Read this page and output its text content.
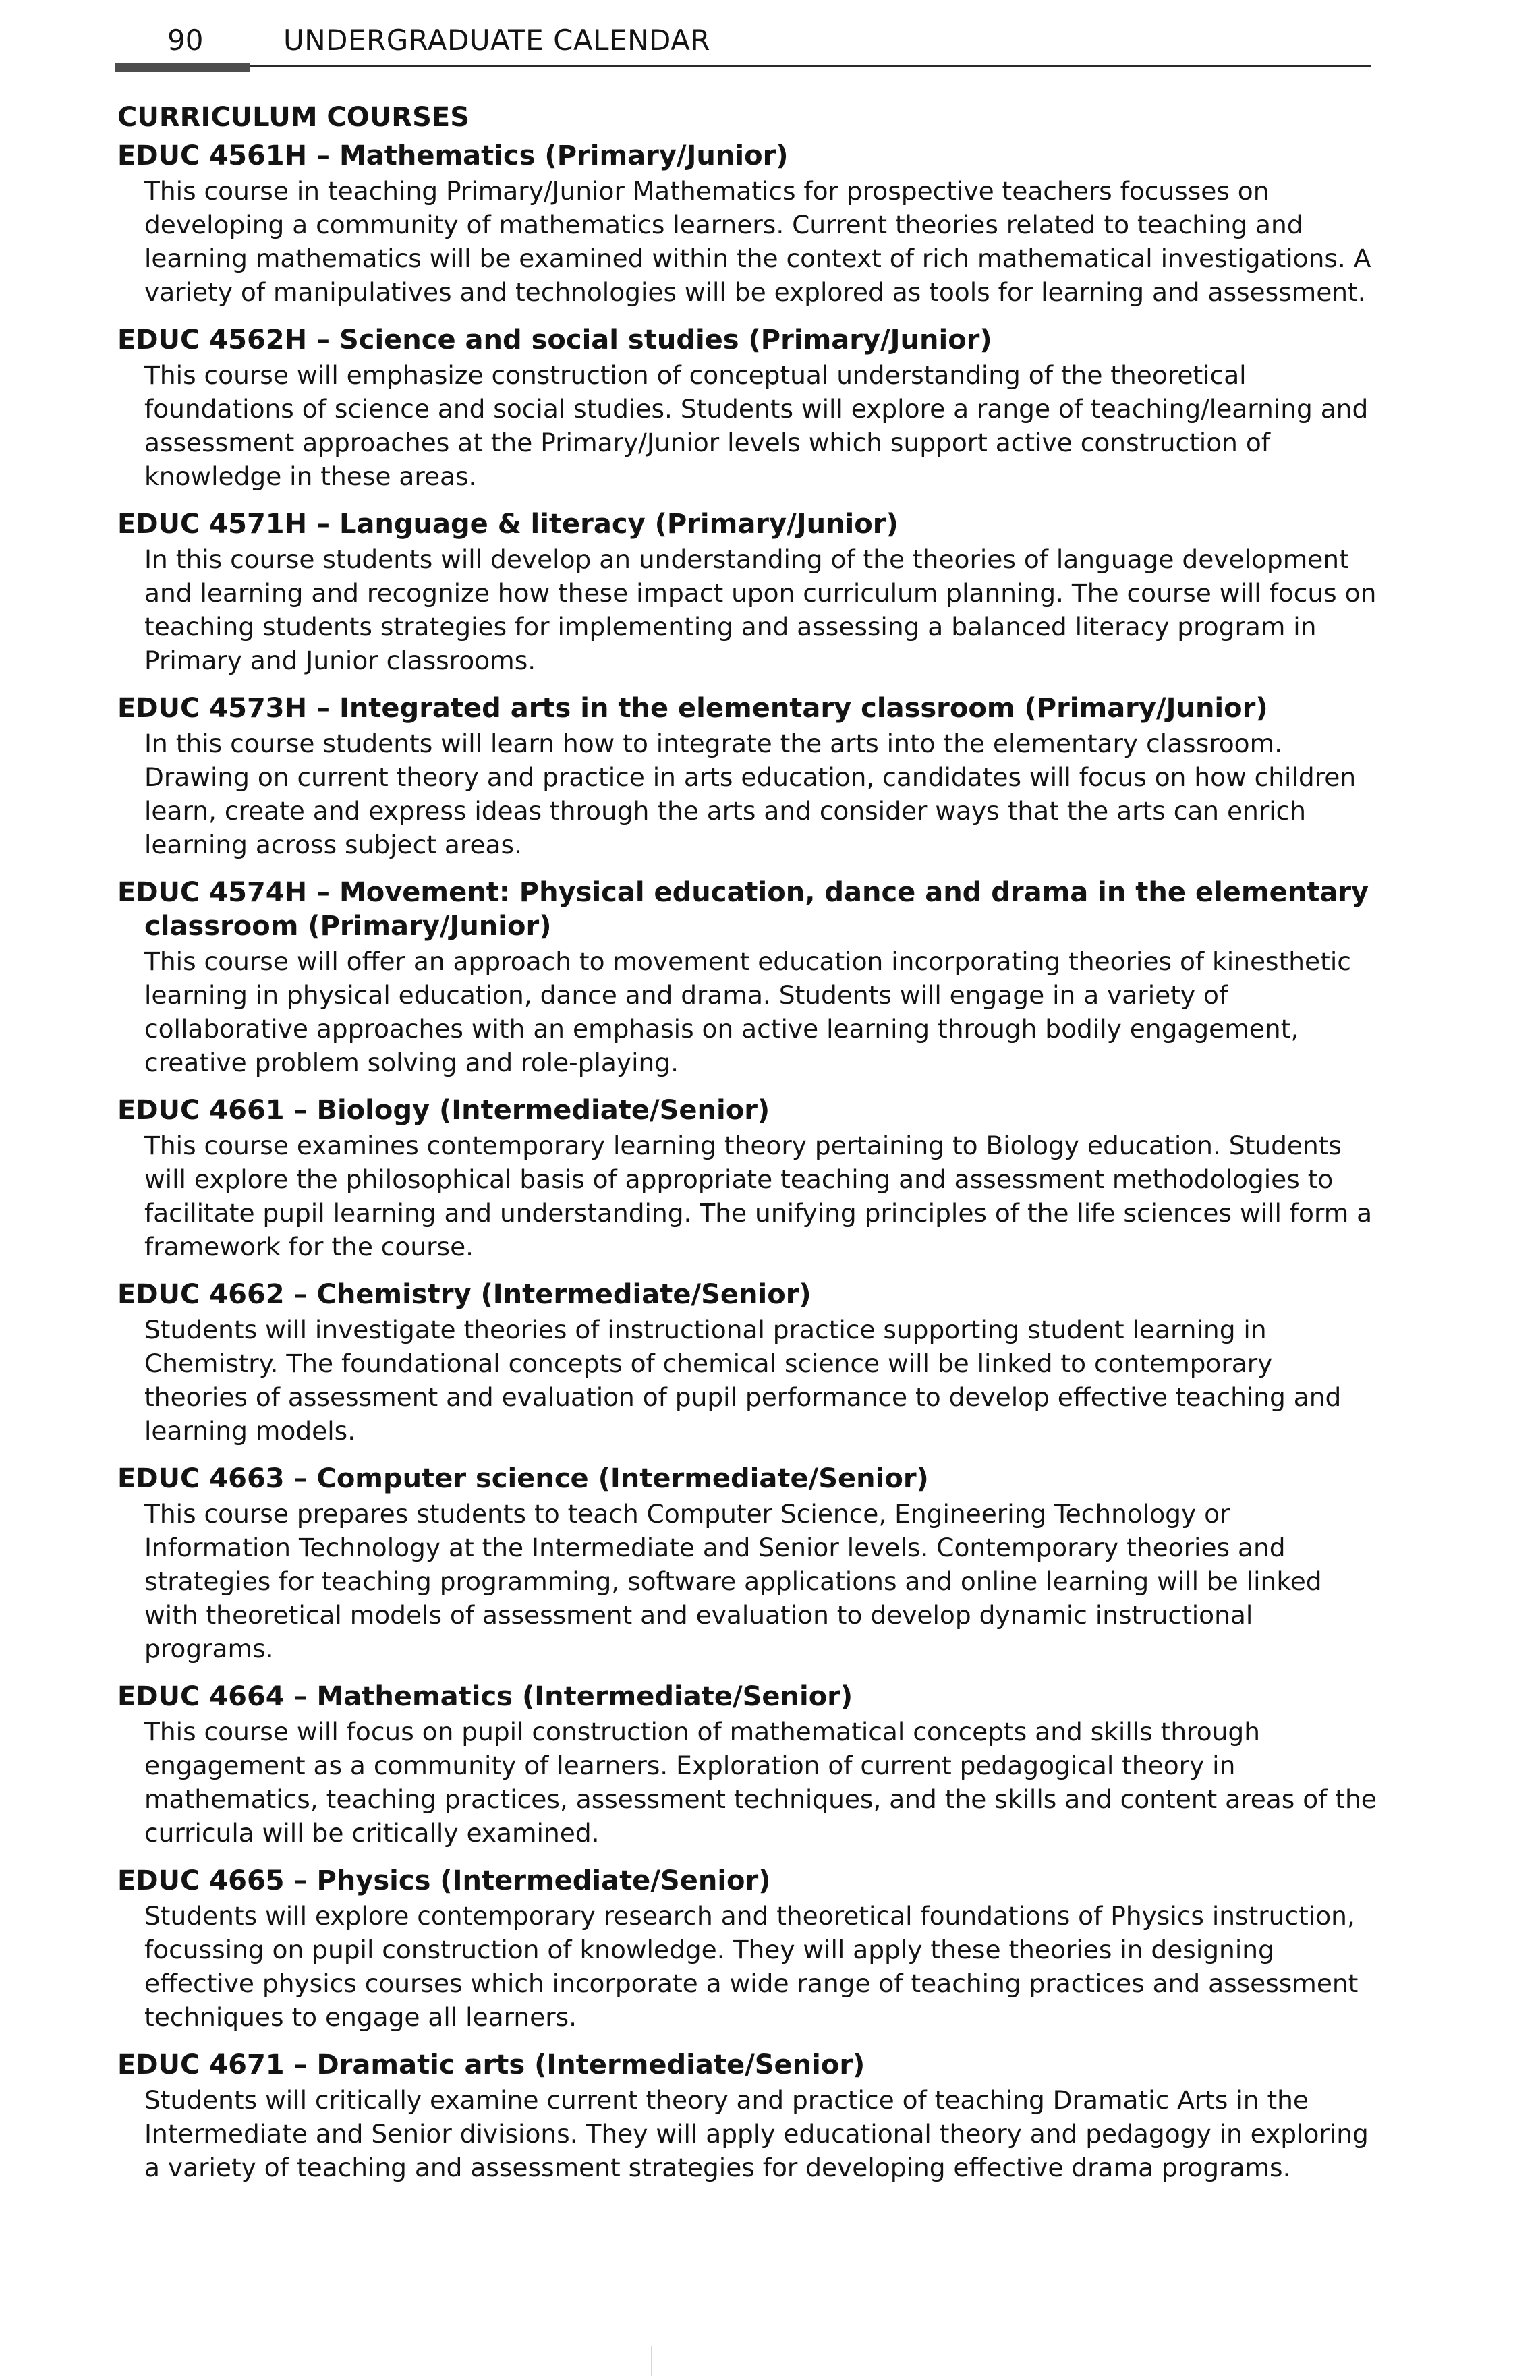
90	UNDERGRADUATE CALENDAR
CURRICULUM COURSES
EDUC 4561H – Mathematics (Primary/Junior)
This course in teaching Primary/Junior Mathematics for prospective teachers focusses on developing a community of mathematics learners. Current theories related to teaching and learning mathematics will be examined within the context of rich mathematical investigations. A variety of manipulatives and technologies will be explored as tools for learning and assessment.
EDUC 4562H – Science and social studies (Primary/Junior)
This course will emphasize construction of conceptual understanding of the theoretical foundations of science and social studies. Students will explore a range of teaching/learning and assessment approaches at the Primary/Junior levels which support active construction of knowledge in these areas.
EDUC 4571H – Language & literacy (Primary/Junior)
In this course students will develop an understanding of the theories of language development and learning and recognize how these impact upon curriculum planning. The course will focus on teaching students strategies for implementing and assessing a balanced literacy program in Primary and Junior classrooms.
EDUC 4573H – Integrated arts in the elementary classroom (Primary/Junior)
In this course students will learn how to integrate the arts into the elementary classroom. Drawing on current theory and practice in arts education, candidates will focus on how children learn, create and express ideas through the arts and consider ways that the arts can enrich learning across subject areas.
EDUC 4574H – Movement: Physical education, dance and drama in the elementary classroom (Primary/Junior)
This course will offer an approach to movement education incorporating theories of kinesthetic learning in physical education, dance and drama. Students will engage in a variety of collaborative approaches with an emphasis on active learning through bodily engagement, creative problem solving and role-playing.
EDUC 4661 – Biology (Intermediate/Senior)
This course examines contemporary learning theory pertaining to Biology education. Students will explore the philosophical basis of appropriate teaching and assessment methodologies to facilitate pupil learning and understanding. The unifying principles of the life sciences will form a framework for the course.
EDUC 4662 – Chemistry (Intermediate/Senior)
Students will investigate theories of instructional practice supporting student learning in Chemistry. The foundational concepts of chemical science will be linked to contemporary theories of assessment and evaluation of pupil performance to develop effective teaching and learning models.
EDUC 4663 – Computer science (Intermediate/Senior)
This course prepares students to teach Computer Science, Engineering Technology or Information Technology at the Intermediate and Senior levels. Contemporary theories and strategies for teaching programming, software applications and online learning will be linked with theoretical models of assessment and evaluation to develop dynamic instructional programs.
EDUC 4664 – Mathematics (Intermediate/Senior)
This course will focus on pupil construction of mathematical concepts and skills through engagement as a community of learners. Exploration of current pedagogical theory in mathematics, teaching practices, assessment techniques, and the skills and content areas of the curricula will be critically examined.
EDUC 4665 – Physics (Intermediate/Senior)
Students will explore contemporary research and theoretical foundations of Physics instruction, focussing on pupil construction of knowledge. They will apply these theories in designing effective physics courses which incorporate a wide range of teaching practices and assessment techniques to engage all learners.
EDUC 4671 – Dramatic arts (Intermediate/Senior)
Students will critically examine current theory and practice of teaching Dramatic Arts in the Intermediate and Senior divisions. They will apply educational theory and pedagogy in exploring a variety of teaching and assessment strategies for developing effective drama programs.
